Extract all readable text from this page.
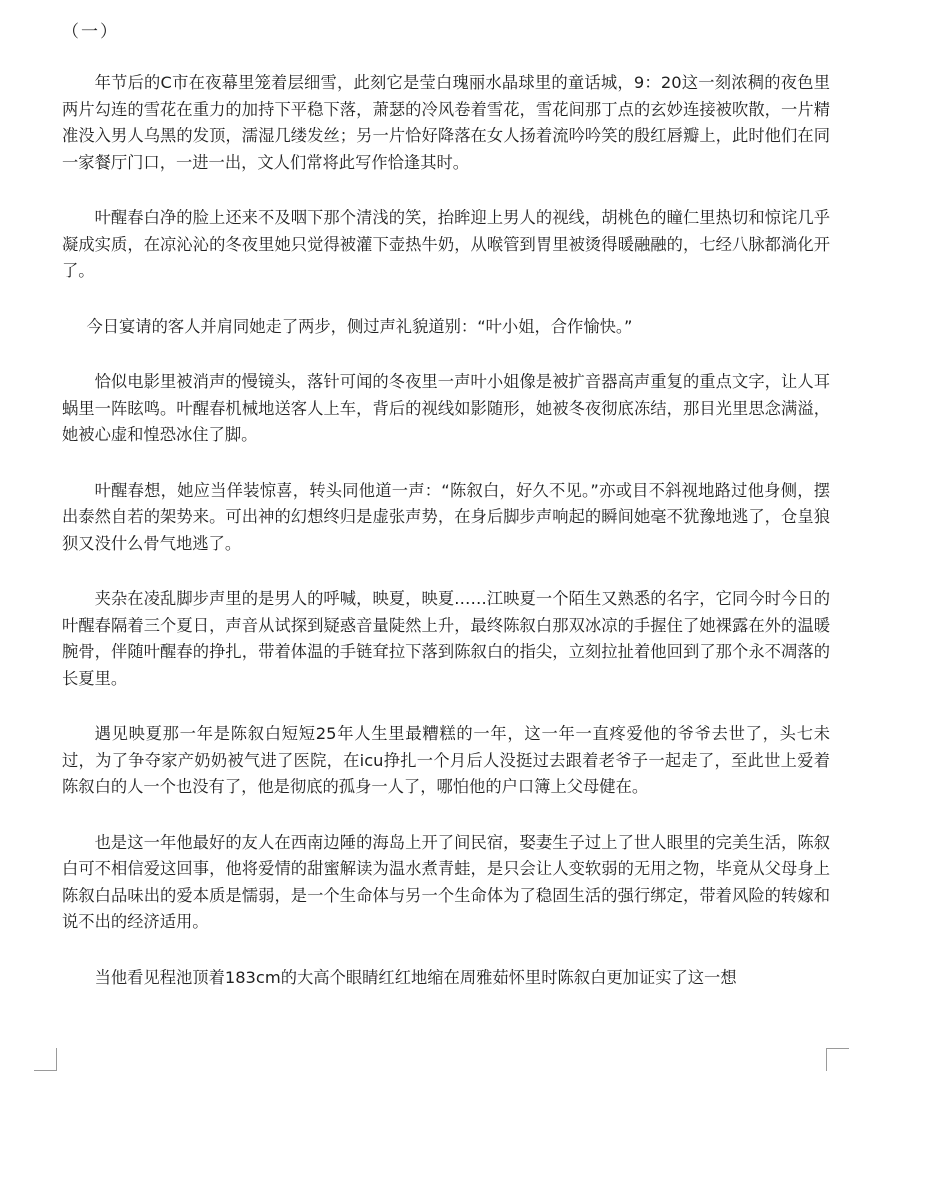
（一）

年节后的C市在夜幕里笼着层细雪，此刻它是莹白瑰丽水晶球里的童话城，9：20这一刻浓稠的夜色里两片勾连的雪花在重力的加持下平稳下落，萧瑟的冷风卷着雪花，雪花间那丁点的玄妙连接被吹散，一片精准没入男人乌黑的发顶，濡湿几缕发丝；另一片恰好降落在女人扬着流吟吟笑的殷红唇瓣上，此时他们在同一家餐厅门口，一进一出，文人们常将此写作恰逢其时。

叶醒春白净的脸上还来不及咽下那个清浅的笑，抬眸迎上男人的视线，胡桃色的瞳仁里热切和惊诧几乎凝成实质，在凉沁沁的冬夜里她只觉得被灌下壶热牛奶，从喉管到胃里被烫得暖融融的，七经八脉都淌化开了。

今日宴请的客人并肩同她走了两步，侧过声礼貌道别：“叶小姐，合作愉快。”

恰似电影里被消声的慢镜头，落针可闻的冬夜里一声叶小姐像是被扩音器高声重复的重点文字，让人耳蜗里一阵眩鸣。叶醒春机械地送客人上车，背后的视线如影随形，她被冬夜彻底冻结，那目光里思念满溢，她被心虚和惶恐冰住了脚。

叶醒春想，她应当佯装惊喜，转头同他道一声：“陈叙白，好久不见。”亦或目不斜视地路过他身侧，摆出泰然自若的架势来。可出神的幻想终归是虚张声势，在身后脚步声响起的瞬间她毫不犹豫地逃了，仓皇狼狈又没什么骨气地逃了。

夹杂在凌乱脚步声里的是男人的呼喊，映夏，映夏……江映夏一个陌生又熟悉的名字，它同今时今日的叶醒春隔着三个夏日，声音从试探到疑惑音量陡然上升，最终陈叙白那双冰凉的手握住了她裸露在外的温暖腕骨，伴随叶醒春的挣扎，带着体温的手链耷拉下落到陈叙白的指尖，立刻拉扯着他回到了那个永不凋落的长夏里。

遇见映夏那一年是陈叙白短短25年人生里最糟糕的一年，这一年一直疼爱他的爷爷去世了，头七未过，为了争夺家产奶奶被气进了医院，在icu挣扎一个月后人没挺过去跟着老爷子一起走了，至此世上爱着陈叙白的人一个也没有了，他是彻底的孤身一人了，哪怕他的户口簿上父母健在。

也是这一年他最好的友人在西南边陲的海岛上开了间民宿，娶妻生子过上了世人眼里的完美生活，陈叙白可不相信爱这回事，他将爱情的甜蜜解读为温水煮青蛙，是只会让人变软弱的无用之物，毕竟从父母身上陈叙白品味出的爱本质是懦弱，是一个生命体与另一个生命体为了稳固生活的强行绑定，带着风险的转嫁和说不出的经济适用。

当他看见程池顶着183cm的大高个眼睛红红地缩在周雅茹怀里时陈叙白更加证实了这一想
